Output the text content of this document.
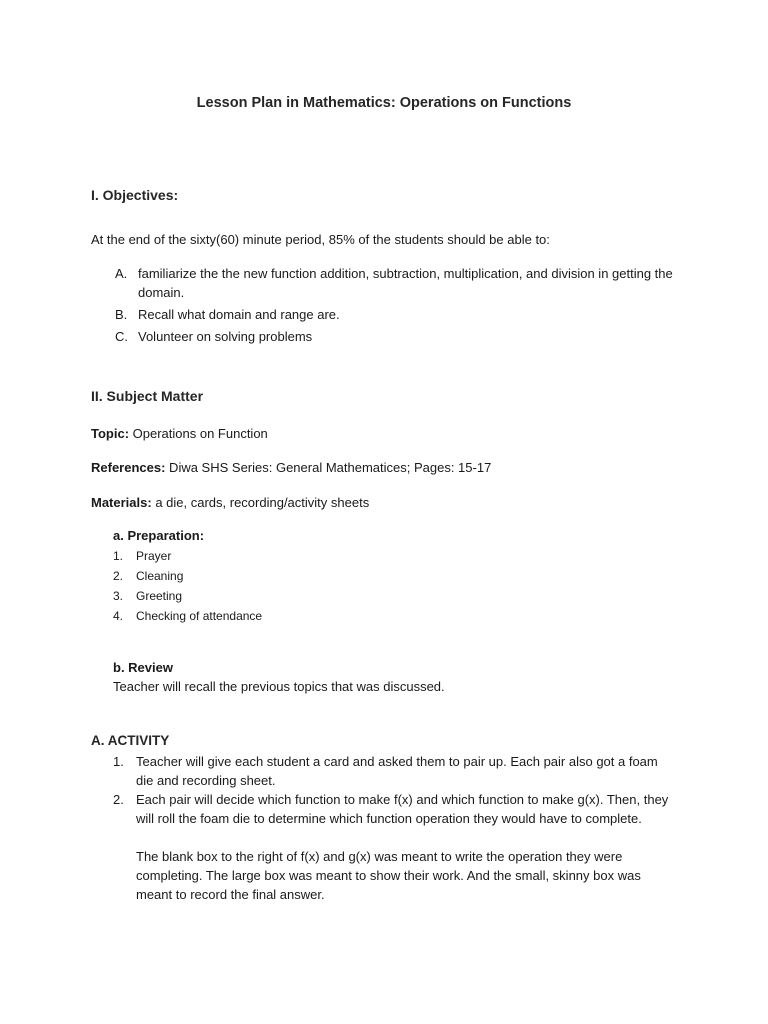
Lesson Plan in Mathematics: Operations on Functions
I. Objectives:
At the end of the sixty(60) minute period, 85% of the students should be able to:
A. familiarize the the new function addition, subtraction, multiplication, and division in getting the domain.
B. Recall what domain and range are.
C. Volunteer on solving problems
II. Subject Matter
Topic: Operations on Function
References: Diwa SHS Series: General Mathematices; Pages: 15-17
Materials: a die, cards, recording/activity sheets
a. Preparation:
1. Prayer
2. Cleaning
3. Greeting
4. Checking of attendance
b. Review
Teacher will recall the previous topics that was discussed.
A. ACTIVITY
1. Teacher will give each student a card and asked them to pair up. Each pair also got a foam die and recording sheet.
2. Each pair will decide which function to make f(x) and which function to make g(x). Then, they will roll the foam die to determine which function operation they would have to complete.
The blank box to the right of f(x) and g(x) was meant to write the operation they were completing. The large box was meant to show their work. And the small, skinny box was meant to record the final answer.
